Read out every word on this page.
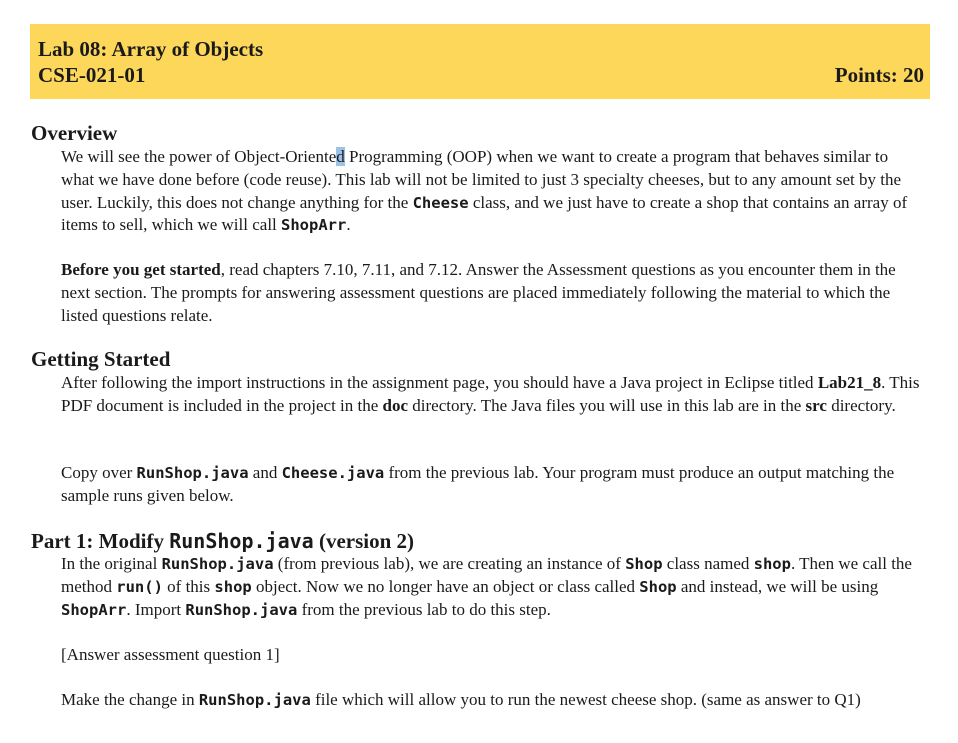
Lab 08: Array of Objects
CSE-021-01	Points: 20
Overview

We will see the power of Object-Oriented Programming (OOP) when we want to create a program that behaves similar to what we have done before (code reuse). This lab will not be limited to just 3 specialty cheeses, but to any amount set by the user. Luckily, this does not change anything for the Cheese class, and we just have to create a shop that contains an array of items to sell, which we will call ShopArr.

Before you get started, read chapters 7.10, 7.11, and 7.12. Answer the Assessment questions as you encounter them in the next section. The prompts for answering assessment questions are placed immediately following the material to which the listed questions relate.

Getting Started

After following the import instructions in the assignment page, you should have a Java project in Eclipse titled Lab21_8. This PDF document is included in the project in the doc directory. The Java files you will use in this lab are in the src directory.

Copy over RunShop.java and Cheese.java from the previous lab. Your program must produce an output matching the sample runs given below.

Part 1: Modify RunShop.java (version 2)

In the original RunShop.java (from previous lab), we are creating an instance of Shop class named shop. Then we call the method run() of this shop object. Now we no longer have an object or class called Shop and instead, we will be using ShopArr. Import RunShop.java from the previous lab to do this step.

[Answer assessment question 1]

Make the change in RunShop.java file which will allow you to run the newest cheese shop. (same as answer to Q1)
